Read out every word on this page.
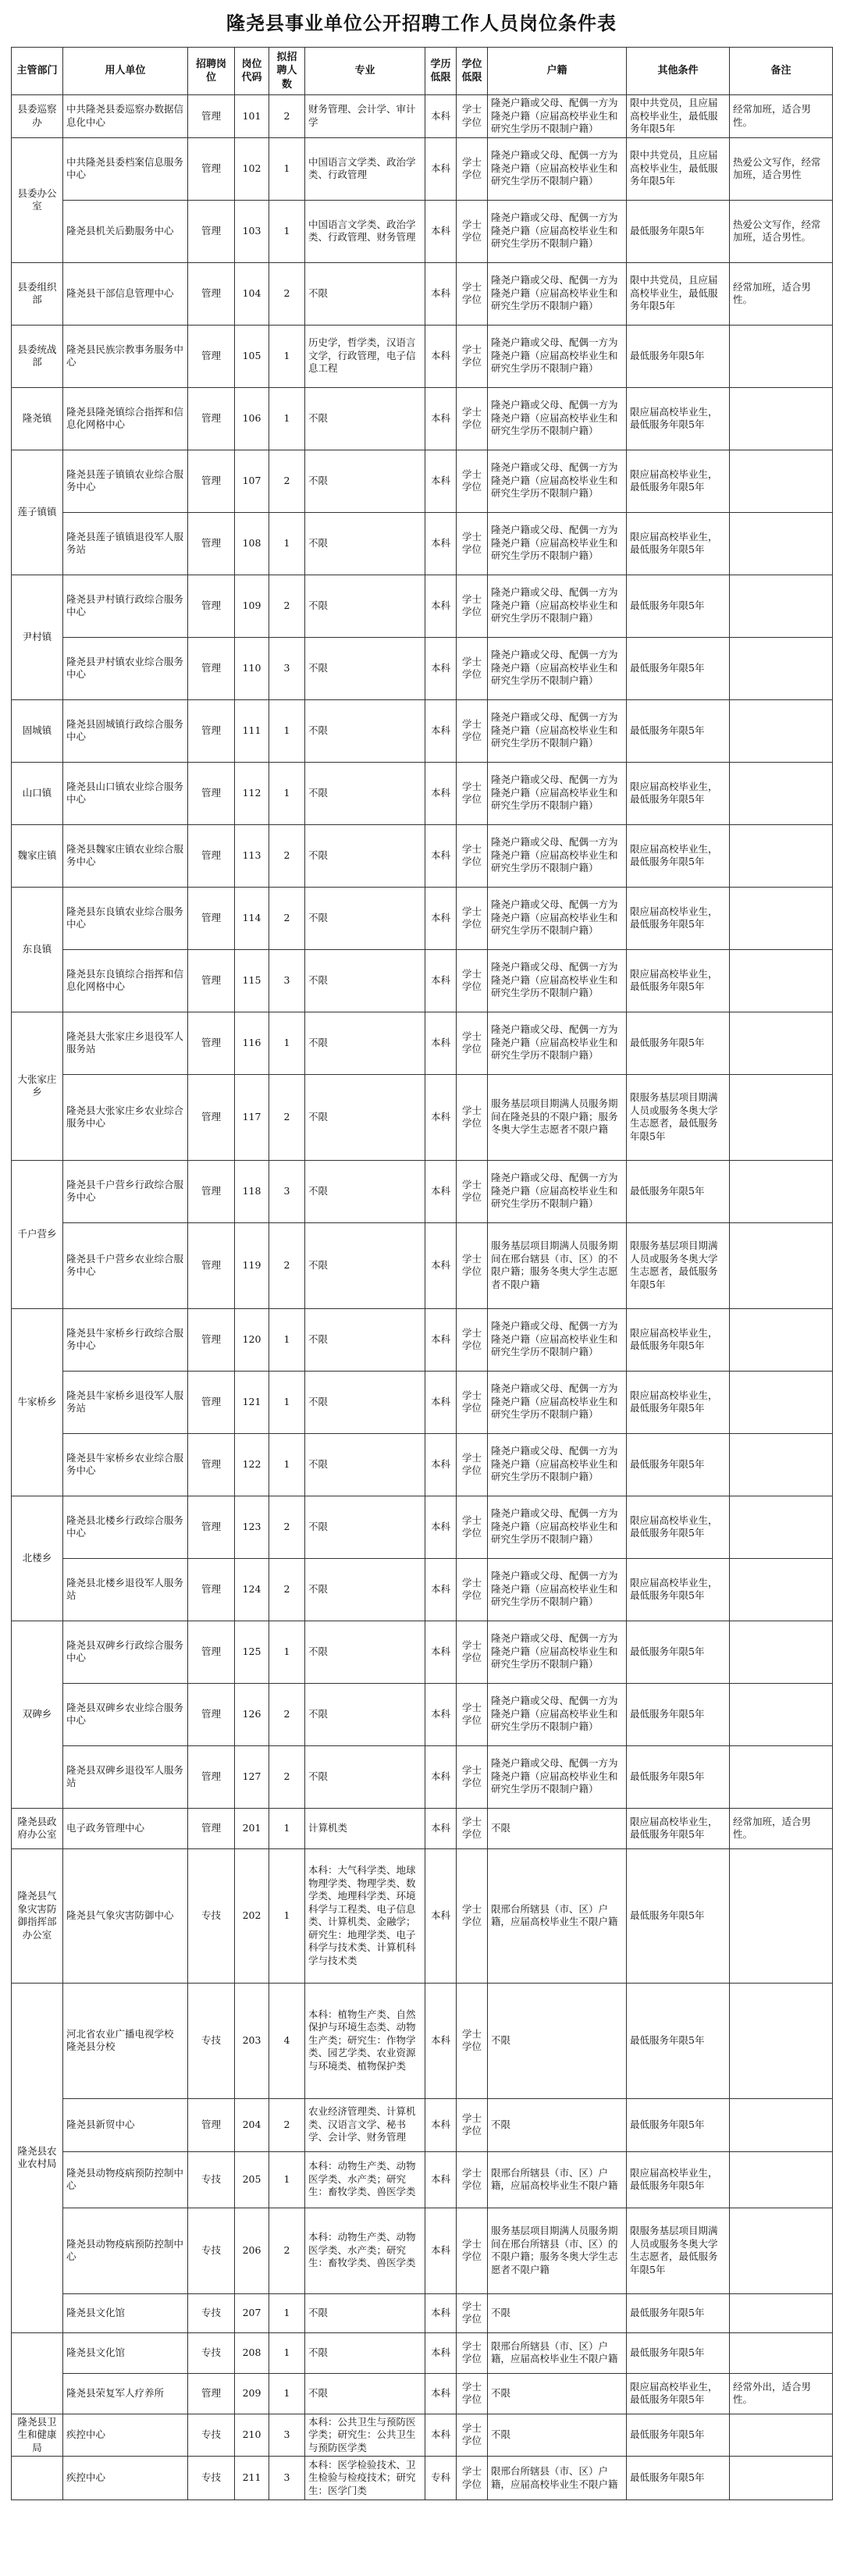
隆尧县事业单位公开招聘工作人员岗位条件表
主管部门	用人单位	招聘岗位	岗位代码	拟招聘人数	专业	学历低限	学位低限	户籍	其他条件	备注
县委巡察办	中共隆尧县委巡察办数据信息化中心	管理	101	2	财务管理、会计学、审计学	本科	学士学位	隆尧户籍或父母、配偶一方为隆尧户籍（应届高校毕业生和研究生学历不限制户籍）	限中共党员，且应届高校毕业生，最低服务年限5年	经常加班，适合男性。
县委办公室	中共隆尧县委档案信息服务中心	管理	102	1	中国语言文学类、政治学类、行政管理	本科	学士学位	隆尧户籍或父母、配偶一方为隆尧户籍（应届高校毕业生和研究生学历不限制户籍）	限中共党员，且应届高校毕业生，最低服务年限5年	热爱公文写作，经常加班，适合男性
	隆尧县机关后勤服务中心	管理	103	1	中国语言文学类、政治学类、行政管理、财务管理	本科	学士学位	隆尧户籍或父母、配偶一方为隆尧户籍（应届高校毕业生和研究生学历不限制户籍）	最低服务年限5年	热爱公文写作，经常加班，适合男性。
县委组织部	隆尧县干部信息管理中心	管理	104	2	不限	本科	学士学位	隆尧户籍或父母、配偶一方为隆尧户籍（应届高校毕业生和研究生学历不限制户籍）	限中共党员，且应届高校毕业生，最低服务年限5年	经常加班，适合男性。
县委统战部	隆尧县民族宗教事务服务中心	管理	105	1	历史学，哲学类，汉语言文学，行政管理，电子信息工程	本科	学士学位	隆尧户籍或父母、配偶一方为隆尧户籍（应届高校毕业生和研究生学历不限制户籍）	最低服务年限5年	
隆尧镇	隆尧县隆尧镇综合指挥和信息化网格中心	管理	106	1	不限	本科	学士学位	隆尧户籍或父母、配偶一方为隆尧户籍（应届高校毕业生和研究生学历不限制户籍）	限应届高校毕业生，最低服务年限5年	
莲子镇镇	隆尧县莲子镇镇农业综合服务中心	管理	107	2	不限	本科	学士学位	隆尧户籍或父母、配偶一方为隆尧户籍（应届高校毕业生和研究生学历不限制户籍）	限应届高校毕业生，最低服务年限5年	
	隆尧县莲子镇镇退役军人服务站	管理	108	1	不限	本科	学士学位	隆尧户籍或父母、配偶一方为隆尧户籍（应届高校毕业生和研究生学历不限制户籍）	限应届高校毕业生，最低服务年限5年	
尹村镇	隆尧县尹村镇行政综合服务中心	管理	109	2	不限	本科	学士学位	隆尧户籍或父母、配偶一方为隆尧户籍（应届高校毕业生和研究生学历不限制户籍）	最低服务年限5年	
	隆尧县尹村镇农业综合服务中心	管理	110	3	不限	本科	学士学位	隆尧户籍或父母、配偶一方为隆尧户籍（应届高校毕业生和研究生学历不限制户籍）	最低服务年限5年	
固城镇	隆尧县固城镇行政综合服务中心	管理	111	1	不限	本科	学士学位	隆尧户籍或父母、配偶一方为隆尧户籍（应届高校毕业生和研究生学历不限制户籍）	最低服务年限5年	
山口镇	隆尧县山口镇农业综合服务中心	管理	112	1	不限	本科	学士学位	隆尧户籍或父母、配偶一方为隆尧户籍（应届高校毕业生和研究生学历不限制户籍）	限应届高校毕业生，最低服务年限5年	
魏家庄镇	隆尧县魏家庄镇农业综合服务中心	管理	113	2	不限	本科	学士学位	隆尧户籍或父母、配偶一方为隆尧户籍（应届高校毕业生和研究生学历不限制户籍）	限应届高校毕业生，最低服务年限5年	
东良镇	隆尧县东良镇农业综合服务中心	管理	114	2	不限	本科	学士学位	隆尧户籍或父母、配偶一方为隆尧户籍（应届高校毕业生和研究生学历不限制户籍）	限应届高校毕业生，最低服务年限5年	
	隆尧县东良镇综合指挥和信息化网格中心	管理	115	3	不限	本科	学士学位	隆尧户籍或父母、配偶一方为隆尧户籍（应届高校毕业生和研究生学历不限制户籍）	限应届高校毕业生，最低服务年限5年	
大张家庄乡	隆尧县大张家庄乡退役军人服务站	管理	116	1	不限	本科	学士学位	隆尧户籍或父母、配偶一方为隆尧户籍（应届高校毕业生和研究生学历不限制户籍）	最低服务年限5年	
	隆尧县大张家庄乡农业综合服务中心	管理	117	2	不限	本科	学士学位	服务基层项目期满人员服务期间在隆尧县的不限户籍；服务冬奥大学生志愿者不限户籍	限服务基层项目期满人员或服务冬奥大学生志愿者，最低服务年限5年	
千户营乡	隆尧县千户营乡行政综合服务中心	管理	118	3	不限	本科	学士学位	隆尧户籍或父母、配偶一方为隆尧户籍（应届高校毕业生和研究生学历不限制户籍）	最低服务年限5年	
	隆尧县千户营乡农业综合服务中心	管理	119	2	不限	本科	学士学位	服务基层项目期满人员服务期间在邢台辖县（市、区）的不限户籍；服务冬奥大学生志愿者不限户籍	限服务基层项目期满人员或服务冬奥大学生志愿者，最低服务年限5年	
牛家桥乡	隆尧县牛家桥乡行政综合服务中心	管理	120	1	不限	本科	学士学位	隆尧户籍或父母、配偶一方为隆尧户籍（应届高校毕业生和研究生学历不限制户籍）	限应届高校毕业生，最低服务年限5年	
	隆尧县牛家桥乡退役军人服务站	管理	121	1	不限	本科	学士学位	隆尧户籍或父母、配偶一方为隆尧户籍（应届高校毕业生和研究生学历不限制户籍）	限应届高校毕业生，最低服务年限5年	
	隆尧县牛家桥乡农业综合服务中心	管理	122	1	不限	本科	学士学位	隆尧户籍或父母、配偶一方为隆尧户籍（应届高校毕业生和研究生学历不限制户籍）	最低服务年限5年	
北楼乡	隆尧县北楼乡行政综合服务中心	管理	123	2	不限	本科	学士学位	隆尧户籍或父母、配偶一方为隆尧户籍（应届高校毕业生和研究生学历不限制户籍）	限应届高校毕业生，最低服务年限5年	
	隆尧县北楼乡退役军人服务站	管理	124	2	不限	本科	学士学位	隆尧户籍或父母、配偶一方为隆尧户籍（应届高校毕业生和研究生学历不限制户籍）	限应届高校毕业生，最低服务年限5年	
双碑乡	隆尧县双碑乡行政综合服务中心	管理	125	1	不限	本科	学士学位	隆尧户籍或父母、配偶一方为隆尧户籍（应届高校毕业生和研究生学历不限制户籍）	最低服务年限5年	
	隆尧县双碑乡农业综合服务中心	管理	126	2	不限	本科	学士学位	隆尧户籍或父母、配偶一方为隆尧户籍（应届高校毕业生和研究生学历不限制户籍）	最低服务年限5年	
	隆尧县双碑乡退役军人服务站	管理	127	2	不限	本科	学士学位	隆尧户籍或父母、配偶一方为隆尧户籍（应届高校毕业生和研究生学历不限制户籍）	最低服务年限5年	
隆尧县政府办公室	电子政务管理中心	管理	201	1	计算机类	本科	学士学位	不限	限应届高校毕业生，最低服务年限5年	经常加班，适合男性。
隆尧县气象灾害防御指挥部办公室	隆尧县气象灾害防御中心	专技	202	1	本科：大气科学类、地球物理学类、物理学类、数学类、地理科学类、环境科学与工程类、电子信息类、计算机类、金融学；研究生：地理学类、电子科学与技术类、计算机科学与技术类	本科	学士学位	限邢台所辖县（市、区）户籍，应届高校毕业生不限户籍	最低服务年限5年	
隆尧县农业农村局	河北省农业广播电视学校　隆尧县分校	专技	203	4	本科：植物生产类、自然保护与环境生态类、动物生产类；研究生：作物学类、园艺学类、农业资源与环境类、植物保护类	本科	学士学位	不限	最低服务年限5年	
	隆尧县新贸中心	管理	204	2	农业经济管理类、计算机类、汉语言文学、秘书学、会计学、财务管理	本科	学士学位	不限	最低服务年限5年	
	隆尧县动物疫病预防控制中心	专技	205	1	本科：动物生产类、动物医学类、水产类；研究生：畜牧学类、兽医学类	本科	学士学位	限邢台所辖县（市、区）户籍，应届高校毕业生不限户籍	限应届高校毕业生，最低服务年限5年	
	隆尧县动物疫病预防控制中心	专技	206	2	本科：动物生产类、动物医学类、水产类；研究生：畜牧学类、兽医学类	本科	学士学位	服务基层项目期满人员服务期间在邢台所辖县（市、区）的不限户籍；服务冬奥大学生志愿者不限户籍	限服务基层项目期满人员或服务冬奥大学生志愿者，最低服务年限5年	
	隆尧县文化馆	专技	207	1	不限	本科	学士学位	不限	最低服务年限5年	
	隆尧县文化馆	专技	208	1	不限	本科	学士学位	限邢台所辖县（市、区）户籍，应届高校毕业生不限户籍	最低服务年限5年	
	隆尧县荣复军人疗养所	管理	209	1	不限	本科	学士学位	不限	限应届高校毕业生，最低服务年限5年	经常外出，适合男性。
隆尧县卫生和健康局	疾控中心	专技	210	3	本科：公共卫生与预防医学类；研究生：公共卫生与预防医学类	本科	学士学位	不限	最低服务年限5年	
	疾控中心	专技	211	3	本科：医学检验技术、卫生检验与检疫技术；研究生：医学门类	专科	学士学位	限邢台所辖县（市、区）户籍，应届高校毕业生不限户籍	最低服务年限5年	
